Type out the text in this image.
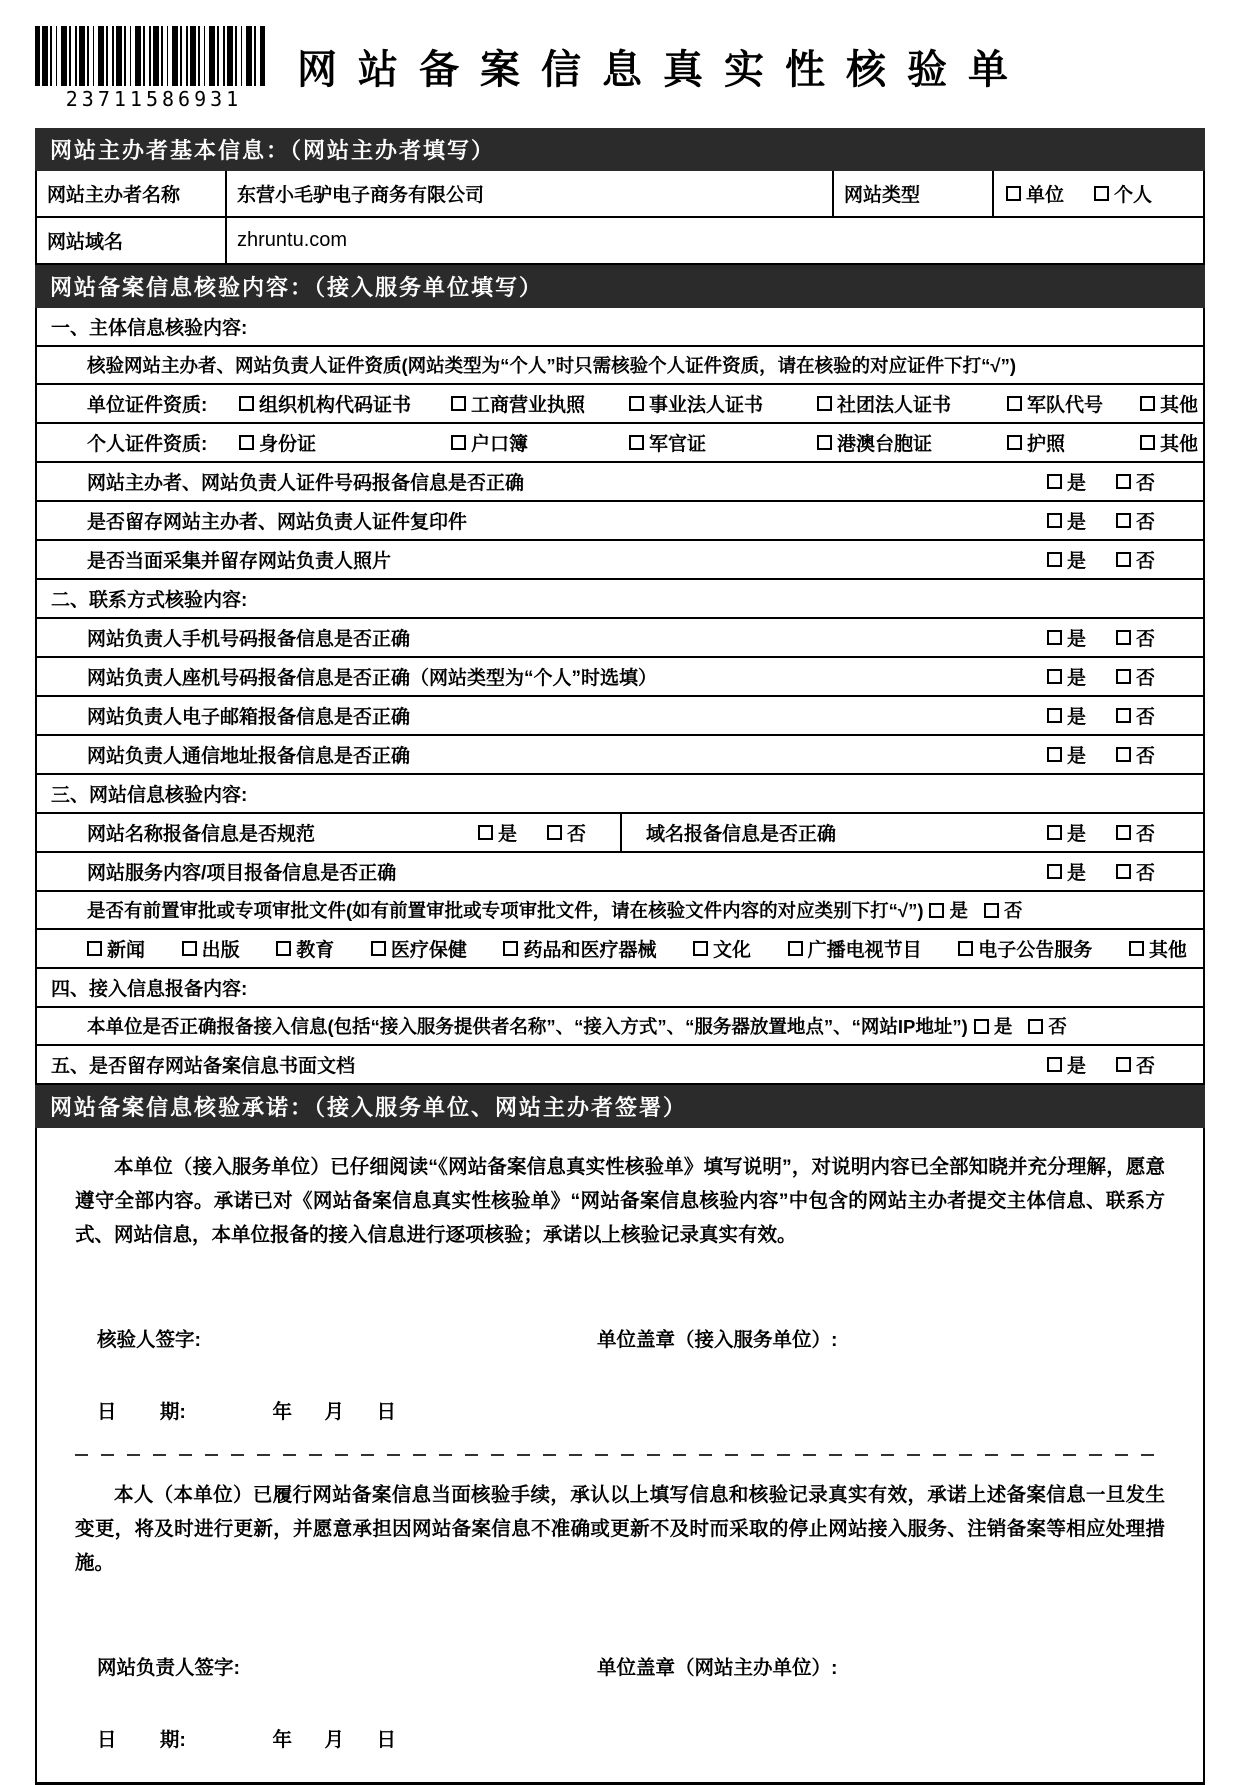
23711586931
网站备案信息真实性核验单
网站主办者基本信息：（网站主办者填写）
网站主办者名称	东营小毛驴电子商务有限公司	网站类型	单位	个人
网站域名	zhruntu.com
网站备案信息核验内容：（接入服务单位填写）
一、主体信息核验内容:
核验网站主办者、网站负责人证件资质(网站类型为“个人”时只需核验个人证件资质，请在核验的对应证件下打“√”)
单位证件资质:	组织机构代码证书	工商营业执照	事业法人证书	社团法人证书	军队代号	其他
个人证件资质:	身份证	户口簿	军官证	港澳台胞证	护照	其他
网站主办者、网站负责人证件号码报备信息是否正确	是	否
是否留存网站主办者、网站负责人证件复印件	是	否
是否当面采集并留存网站负责人照片	是	否
二、联系方式核验内容:
网站负责人手机号码报备信息是否正确	是	否
网站负责人座机号码报备信息是否正确（网站类型为“个人”时选填）	是	否
网站负责人电子邮箱报备信息是否正确	是	否
网站负责人通信地址报备信息是否正确	是	否
三、网站信息核验内容:
网站名称报备信息是否规范	是	否	域名报备信息是否正确	是	否
网站服务内容/项目报备信息是否正确	是	否
是否有前置审批或专项审批文件(如有前置审批或专项审批文件，请在核验文件内容的对应类别下打“√”) 是 否
新闻	出版	教育	医疗保健	药品和医疗器械	文化	广播电视节目	电子公告服务	其他
四、接入信息报备内容:
本单位是否正确报备接入信息(包括“接入服务提供者名称”、“接入方式”、“服务器放置地点”、“网站IP地址”) 是 否
五、是否留存网站备案信息书面文档	是	否
网站备案信息核验承诺：（接入服务单位、网站主办者签署）

本单位（接入服务单位）已仔细阅读“《网站备案信息真实性核验单》填写说明”，对说明内容已全部知晓并充分理解，愿意遵守全部内容。承诺已对《网站备案信息真实性核验单》“网站备案信息核验内容”中包含的网站主办者提交主体信息、联系方式、网站信息，本单位报备的接入信息进行逐项核验；承诺以上核验记录真实有效。

核验人签字:	单位盖章（接入服务单位）:
日        期:                年      月      日

本人（本单位）已履行网站备案信息当面核验手续，承认以上填写信息和核验记录真实有效，承诺上述备案信息一旦发生变更，将及时进行更新，并愿意承担因网站备案信息不准确或更新不及时而采取的停止网站接入服务、注销备案等相应处理措施。

网站负责人签字:	单位盖章（网站主办单位）:
日        期:                年      月      日
